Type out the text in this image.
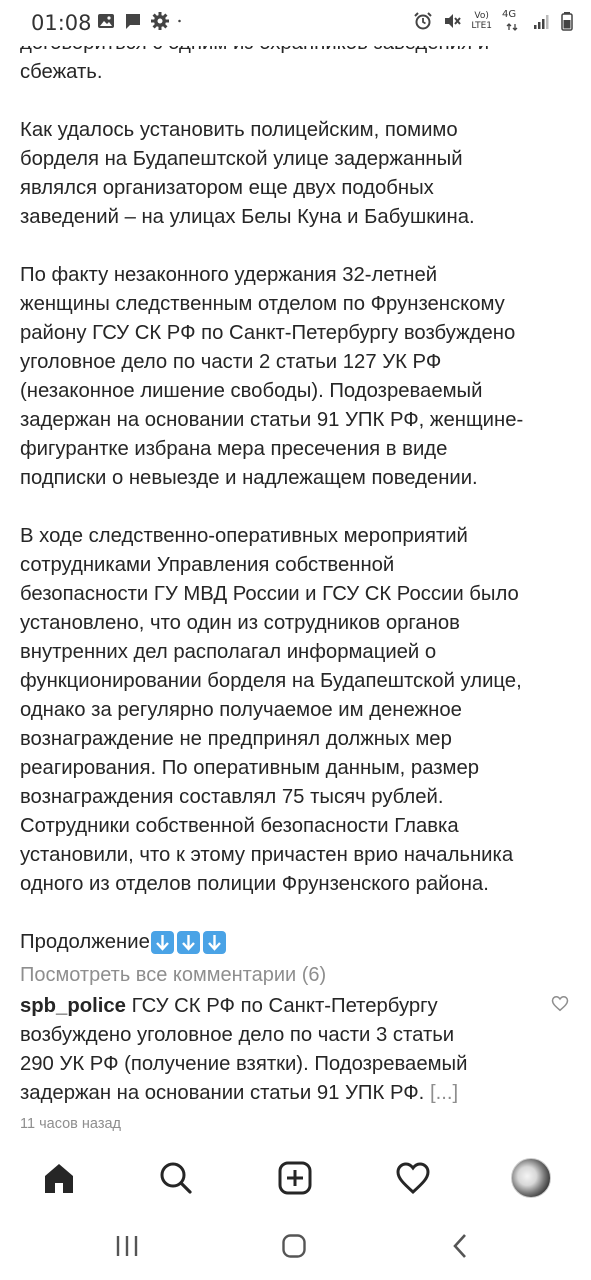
01:08	Vo)
LTE1
4G

сбежать.

Как удалось установить полицейским, помимо
борделя на Будапештской улице задержанный
являлся организатором еще двух подобных
заведений – на улицах Белы Куна и Бабушкина.

По факту незаконного удержания 32-летней
женщины следственным отделом по Фрунзенскому
району ГСУ СК РФ по Санкт-Петербургу возбуждено
уголовное дело по части 2 статьи 127 УК РФ
(незаконное лишение свободы). Подозреваемый
задержан на основании статьи 91 УПК РФ, женщине-
фигурантке избрана мера пресечения в виде
подписки о невыезде и надлежащем поведении.

В ходе следственно-оперативных мероприятий
сотрудниками Управления собственной
безопасности ГУ МВД России и ГСУ СК России было
установлено, что один из сотрудников органов
внутренних дел располагал информацией о
функционировании борделя на Будапештской улице,
однако за регулярно получаемое им денежное
вознаграждение не предпринял должных мер
реагирования. По оперативным данным, размер
вознаграждения составлял 75 тысяч рублей.
Сотрудники собственной безопасности Главка
установили, что к этому причастен врио начальника
одного из отделов полиции Фрунзенского района.

Продолжение

Посмотреть все комментарии (6)
spb_police ГСУ СК РФ по Санкт-Петербургу
возбуждено уголовное дело по части 3 статьи
290 УК РФ (получение взятки). Подозреваемый
задержан на основании статьи 91 УПК РФ. [...]
11 часов назад
